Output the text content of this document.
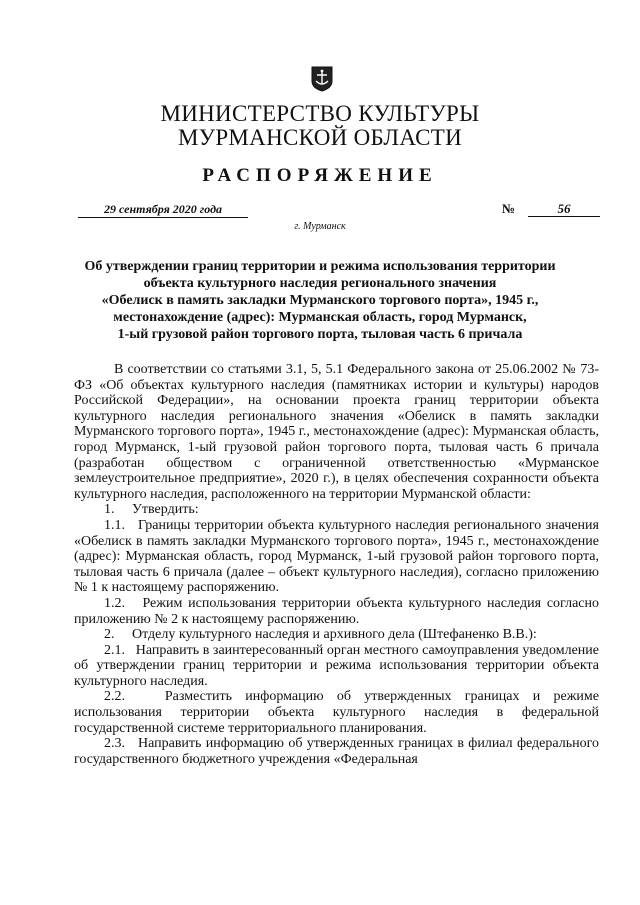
МИНИСТЕРСТВО КУЛЬТУРЫ
МУРМАНСКОЙ ОБЛАСТИ
РАСПОРЯЖЕНИЕ
29 сентября 2020 года	№	56
г. Мурманск
Об утверждении границ территории и режима использования территории
объекта культурного наследия регионального значения
«Обелиск в память закладки Мурманского торгового порта», 1945 г.,
местонахождение (адрес): Мурманская область, город Мурманск,
1-ый грузовой район торгового порта, тыловая часть 6 причала

В соответствии со статьями 3.1, 5, 5.1 Федерального закона от 25.06.2002 № 73-ФЗ «Об объектах культурного наследия (памятниках истории и культуры) народов Российской Федерации», на основании проекта границ территории объекта культурного наследия регионального значения «Обелиск в память закладки Мурманского торгового порта», 1945 г., местонахождение (адрес): Мурманская область, город Мурманск, 1-ый грузовой район торгового порта, тыловая часть 6 причала (разработан обществом с ограниченной ответственностью «Мурманское землеустроительное предприятие», 2020 г.), в целях обеспечения сохранности объекта культурного наследия, расположенного на территории Мурманской области:

1.     Утвердить:

1.1.   Границы территории объекта культурного наследия регионального значения «Обелиск в память закладки Мурманского торгового порта», 1945 г., местонахождение (адрес): Мурманская область, город Мурманск, 1-ый грузовой район торгового порта, тыловая часть 6 причала (далее – объект культурного наследия), согласно приложению № 1 к настоящему распоряжению.

1.2.   Режим использования территории объекта культурного наследия согласно приложению № 2 к настоящему распоряжению.

2.     Отделу культурного наследия и архивного дела (Штефаненко В.В.):

2.1.   Направить в заинтересованный орган местного самоуправления уведомление об утверждении границ территории и режима использования территории объекта культурного наследия.

2.2.   Разместить информацию об утвержденных границах и режиме использования территории объекта культурного наследия в федеральной государственной системе территориального планирования.

2.3.   Направить информацию об утвержденных границах в филиал федерального государственного бюджетного учреждения «Федеральная
